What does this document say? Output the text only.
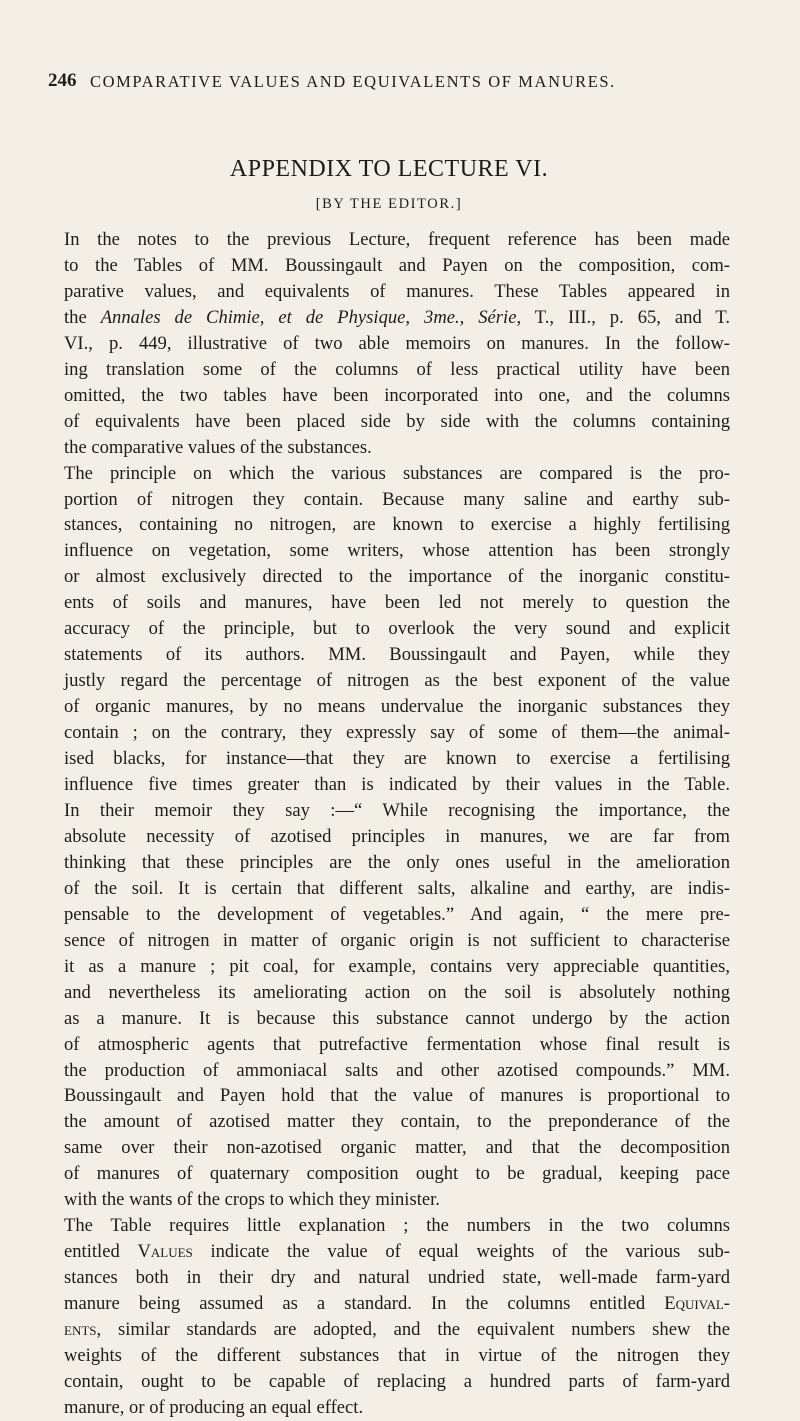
246 COMPARATIVE VALUES AND EQUIVALENTS OF MANURES.
APPENDIX TO LECTURE VI.
[BY THE EDITOR.]

In the notes to the previous Lecture, frequent reference has been made
to the Tables of MM. Boussingault and Payen on the composition, com-
parative values, and equivalents of manures. These Tables appeared in
the Annales de Chimie, et de Physique, 3me., Série, T., III., p. 65, and T.
VI., p. 449, illustrative of two able memoirs on manures. In the follow-
ing translation some of the columns of less practical utility have been
omitted, the two tables have been incorporated into one, and the columns
of equivalents have been placed side by side with the columns containing
the comparative values of the substances.

The principle on which the various substances are compared is the pro-
portion of nitrogen they contain. Because many saline and earthy sub-
stances, containing no nitrogen, are known to exercise a highly fertilising
influence on vegetation, some writers, whose attention has been strongly
or almost exclusively directed to the importance of the inorganic constitu-
ents of soils and manures, have been led not merely to question the
accuracy of the principle, but to overlook the very sound and explicit
statements of its authors. MM. Boussingault and Payen, while they
justly regard the percentage of nitrogen as the best exponent of the value
of organic manures, by no means undervalue the inorganic substances they
contain ; on the contrary, they expressly say of some of them—the animal-
ised blacks, for instance—that they are known to exercise a fertilising
influence five times greater than is indicated by their values in the Table.
In their memoir they say :—“ While recognising the importance, the
absolute necessity of azotised principles in manures, we are far from
thinking that these principles are the only ones useful in the amelioration
of the soil. It is certain that different salts, alkaline and earthy, are indis-
pensable to the development of vegetables.” And again, “ the mere pre-
sence of nitrogen in matter of organic origin is not sufficient to characterise
it as a manure ; pit coal, for example, contains very appreciable quantities,
and nevertheless its ameliorating action on the soil is absolutely nothing
as a manure. It is because this substance cannot undergo by the action
of atmospheric agents that putrefactive fermentation whose final result is
the production of ammoniacal salts and other azotised compounds.” MM.
Boussingault and Payen hold that the value of manures is proportional to
the amount of azotised matter they contain, to the preponderance of the
same over their non-azotised organic matter, and that the decomposition
of manures of quaternary composition ought to be gradual, keeping pace
with the wants of the crops to which they minister.

The Table requires little explanation ; the numbers in the two columns
entitled Values indicate the value of equal weights of the various sub-
stances both in their dry and natural undried state, well-made farm-yard
manure being assumed as a standard. In the columns entitled Equival-
ents, similar standards are adopted, and the equivalent numbers shew the
weights of the different substances that in virtue of the nitrogen they
contain, ought to be capable of replacing a hundred parts of farm-yard
manure, or of producing an equal effect.
